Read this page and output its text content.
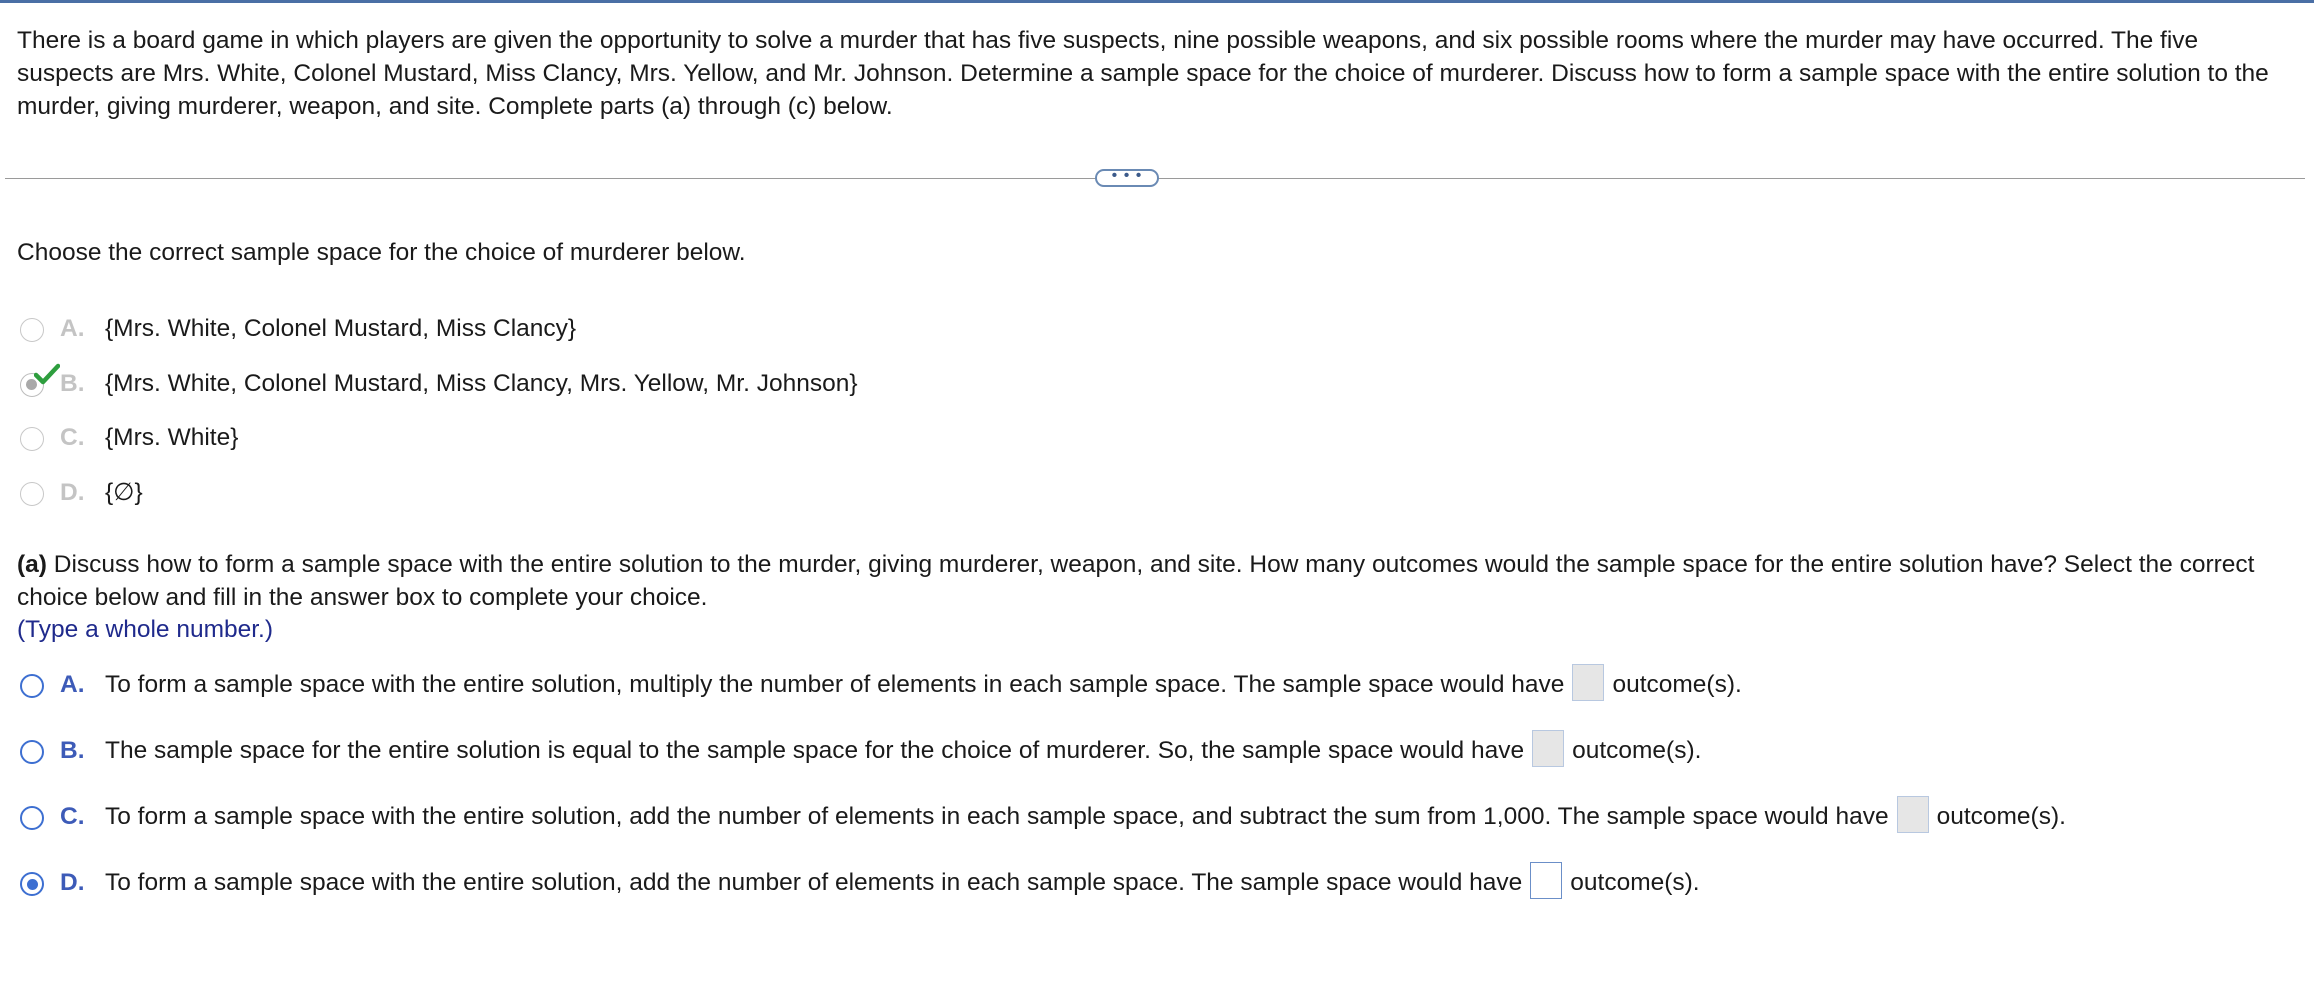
There is a board game in which players are given the opportunity to solve a murder that has five suspects, nine possible weapons, and six possible rooms where the murder may have occurred. The five suspects are Mrs. White, Colonel Mustard, Miss Clancy, Mrs. Yellow, and Mr. Johnson. Determine a sample space for the choice of murderer. Discuss how to form a sample space with the entire solution to the murder, giving murderer, weapon, and site. Complete parts (a) through (c) below.
• • •
Choose the correct sample space for the choice of murderer below.
A. {Mrs. White, Colonel Mustard, Miss Clancy}
B. {Mrs. White, Colonel Mustard, Miss Clancy, Mrs. Yellow, Mr. Johnson}
C. {Mrs. White}
D. {∅}
(a) Discuss how to form a sample space with the entire solution to the murder, giving murderer, weapon, and site. How many outcomes would the sample space for the entire solution have? Select the correct choice below and fill in the answer box to complete your choice.
(Type a whole number.)
A. To form a sample space with the entire solution, multiply the number of elements in each sample space. The sample space would have outcome(s).
B. The sample space for the entire solution is equal to the sample space for the choice of murderer. So, the sample space would have outcome(s).
C. To form a sample space with the entire solution, add the number of elements in each sample space, and subtract the sum from 1,000. The sample space would have outcome(s).
D. To form a sample space with the entire solution, add the number of elements in each sample space. The sample space would have outcome(s).
